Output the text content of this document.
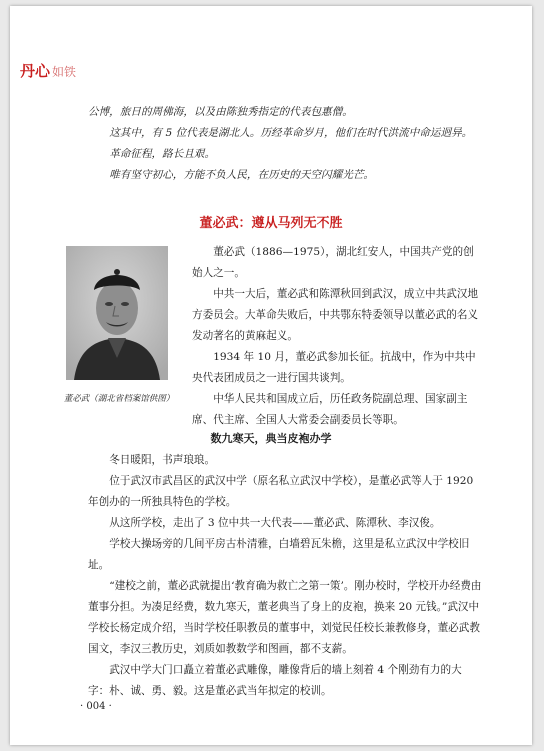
丹心 如铁

公博，旅日的周佛海，以及由陈独秀指定的代表包惠僧。

这其中，有 5 位代表是湖北人。历经革命岁月，他们在时代洪流中命运迥异。

革命征程，路长且艰。

唯有坚守初心，方能不负人民，在历史的天空闪耀光芒。

董必武：遵从马列无不胜
董必武（湖北省档案馆供图）

董必武（1886—1975），湖北红安人，中国共产党的创始人之一。

中共一大后，董必武和陈潭秋回到武汉，成立中共武汉地方委员会。大革命失败后，中共鄂东特委领导以董必武的名义发动著名的黄麻起义。

1934 年 10 月，董必武参加长征。抗战中，作为中共中央代表团成员之一进行国共谈判。

中华人民共和国成立后，历任政务院副总理、国家副主席、代主席、全国人大常委会副委员长等职。

数九寒天，典当皮袍办学

冬日暖阳，书声琅琅。

位于武汉市武昌区的武汉中学（原名私立武汉中学校），是董必武等人于 1920 年创办的一所独具特色的学校。

从这所学校，走出了 3 位中共一大代表——董必武、陈潭秋、李汉俊。

学校大操场旁的几间平房古朴清雅，白墙碧瓦朱檐，这里是私立武汉中学校旧址。

“建校之前，董必武就提出‘教育确为救亡之第一策’。刚办校时，学校开办经费由董事分担。为凑足经费，数九寒天，董老典当了身上的皮袍，换来 20 元钱。”武汉中学校长杨定成介绍，当时学校任职教员的董事中，刘觉民任校长兼教修身，董必武教国文，李汉三教历史，刘质如教数学和图画，都不支薪。

武汉中学大门口矗立着董必武雕像，雕像背后的墙上刻着 4 个刚劲有力的大字：朴、诚、勇、毅。这是董必武当年拟定的校训。

· 004 ·
